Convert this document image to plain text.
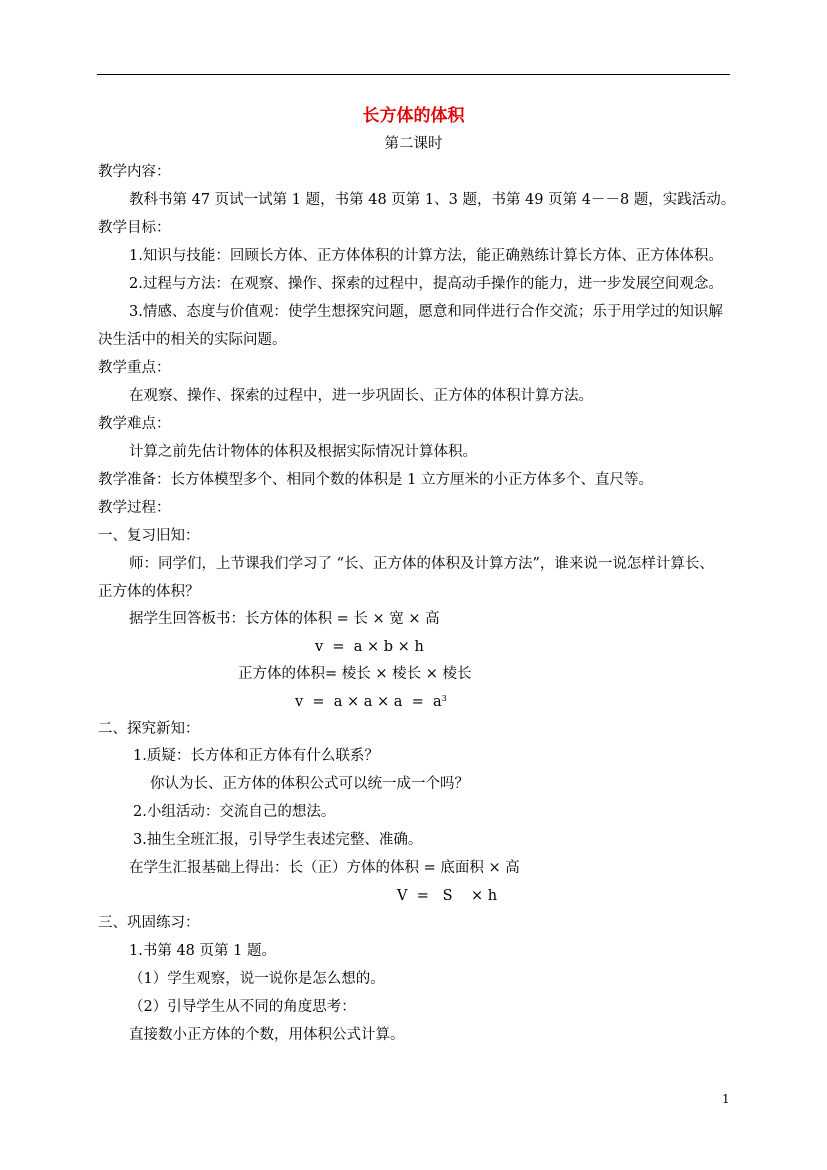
长方体的体积
第二课时
教学内容：
教科书第 47 页试一试第 1 题，书第 48 页第 1、3 题，书第 49 页第 4－－8 题，实践活动。
教学目标：
1.知识与技能：回顾长方体、正方体体积的计算方法，能正确熟练计算长方体、正方体体积。
2.过程与方法：在观察、操作、探索的过程中，提高动手操作的能力，进一步发展空间观念。
3.情感、态度与价值观：使学生想探究问题，愿意和同伴进行合作交流；乐于用学过的知识解
决生活中的相关的实际问题。
教学重点：
在观察、操作、探索的过程中，进一步巩固长、正方体的体积计算方法。
教学难点：
计算之前先估计物体的体积及根据实际情况计算体积。
教学准备：长方体模型多个、相同个数的体积是 1 立方厘米的小正方体多个、直尺等。
教学过程：
一、复习旧知：
师：同学们，上节课我们学习了 “长、正方体的体积及计算方法”，谁来说一说怎样计算长、
正方体的体积？
据学生回答板书：长方体的体积 = 长 × 宽 × 高
v  =  a × b × h
正方体的体积= 棱长 × 棱长 × 棱长
$v = a \times a \times a = a^3$
二、探究新知：
1.质疑：长方体和正方体有什么联系？
你认为长、正方体的体积公式可以统一成一个吗？
2.小组活动：交流自己的想法。
3.抽生全班汇报，引导学生表述完整、准确。
在学生汇报基础上得出：长（正）方体的体积 = 底面积 × 高
V  =   S    × h
三、巩固练习：
1.书第 48 页第 1 题。
（1）学生观察，说一说你是怎么想的。
（2）引导学生从不同的角度思考：
直接数小正方体的个数，用体积公式计算。
1
